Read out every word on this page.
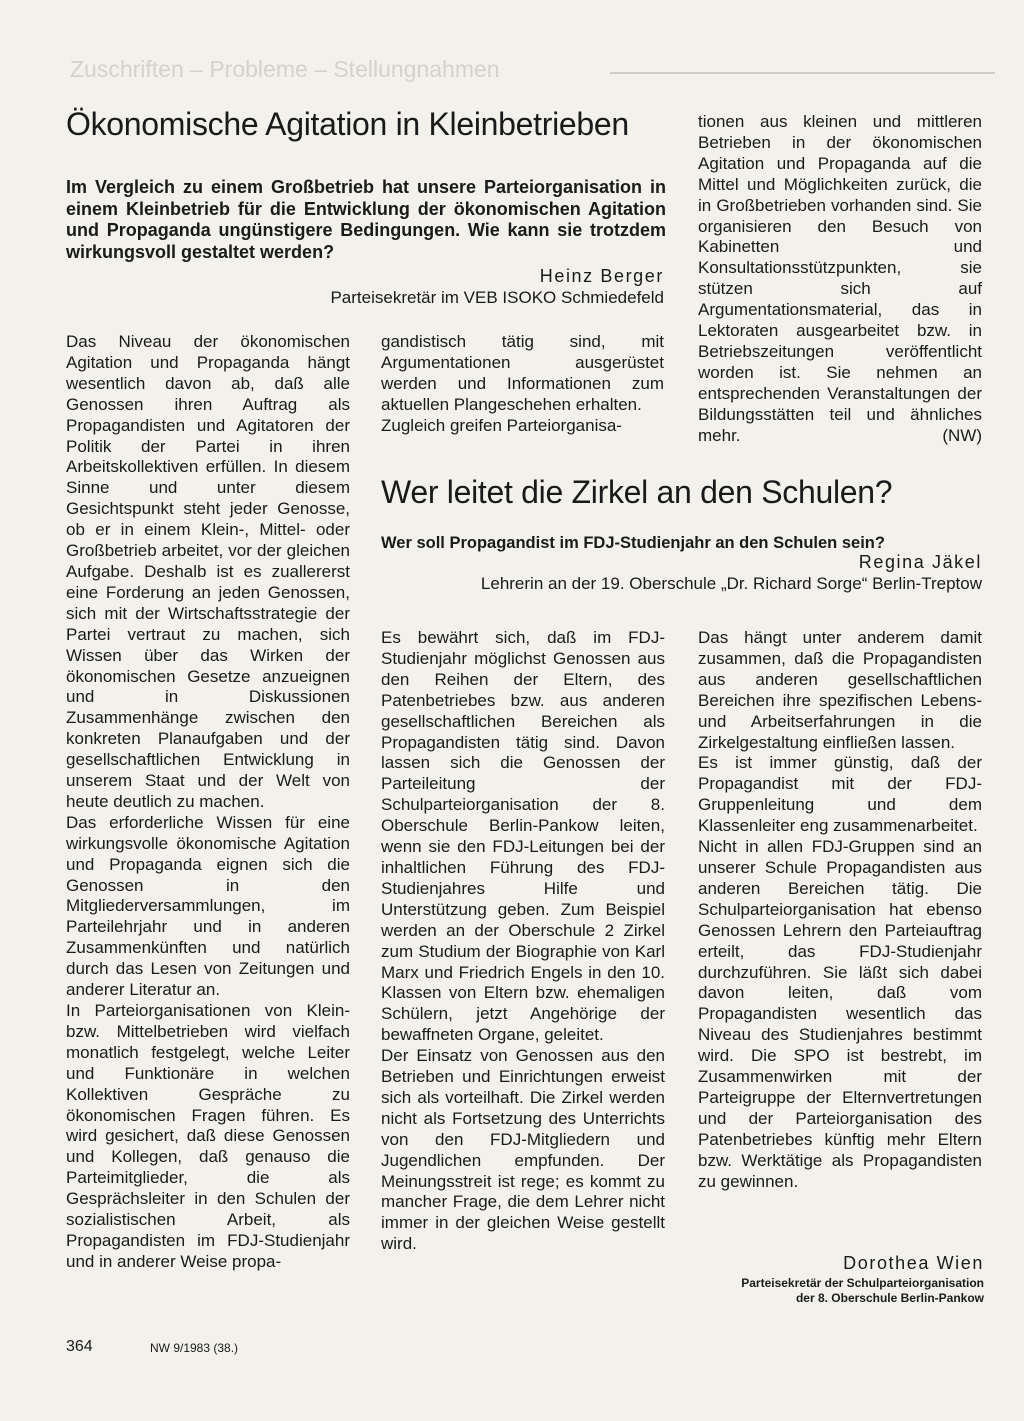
Zuschriften – Probleme – Stellungnahmen
Ökonomische Agitation in Kleinbetrieben

Im Vergleich zu einem Großbetrieb hat unsere Parteiorganisation in einem Kleinbetrieb für die Entwicklung der ökonomischen Agitation und Propaganda ungünstigere Bedingungen. Wie kann sie trotzdem wirkungsvoll gestaltet werden?

Heinz Berger
Parteisekretär im VEB ISOKO Schmiedefeld

Das Niveau der ökonomischen Agitation und Propaganda hängt wesentlich davon ab, daß alle Genossen ihren Auftrag als Propagandisten und Agitatoren der Politik der Partei in ihren Arbeitskollektiven erfüllen. In diesem Sinne und unter diesem Gesichtspunkt steht jeder Genosse, ob er in einem Klein-, Mittel- oder Großbetrieb arbeitet, vor der gleichen Aufgabe. Deshalb ist es zuallererst eine Forderung an jeden Genossen, sich mit der Wirtschaftsstrategie der Partei vertraut zu machen, sich Wissen über das Wirken der ökonomischen Gesetze anzueignen und in Diskussionen Zusammenhänge zwischen den konkreten Planaufgaben und der gesellschaftlichen Entwicklung in unserem Staat und der Welt von heute deutlich zu machen.

Das erforderliche Wissen für eine wirkungsvolle ökonomische Agitation und Propaganda eignen sich die Genossen in den Mitgliederversammlungen, im Parteilehrjahr und in anderen Zusammenkünften und natürlich durch das Lesen von Zeitungen und anderer Literatur an.

In Parteiorganisationen von Klein- bzw. Mittelbetrieben wird vielfach monatlich festgelegt, welche Leiter und Funktionäre in welchen Kollektiven Gespräche zu ökonomischen Fragen führen. Es wird gesichert, daß diese Genossen und Kollegen, daß genauso die Parteimitglieder, die als Gesprächsleiter in den Schulen der sozialistischen Arbeit, als Propagandisten im FDJ-Studienjahr und in anderer Weise propa-

gandistisch tätig sind, mit Argumentationen ausgerüstet werden und Informationen zum aktuellen Plangeschehen erhalten.

Zugleich greifen Parteiorganisa-

tionen aus kleinen und mittleren Betrieben in der ökonomischen Agitation und Propaganda auf die Mittel und Möglichkeiten zurück, die in Großbetrieben vorhanden sind. Sie organisieren den Besuch von Kabinetten und Konsultationsstützpunkten, sie stützen sich auf Argumentationsmaterial, das in Lektoraten ausgearbeitet bzw. in Betriebszeitungen veröffentlicht worden ist. Sie nehmen an entsprechenden Veranstaltungen der Bildungsstätten teil und ähnliches mehr.	(NW)

Wer leitet die Zirkel an den Schulen?
Wer soll Propagandist im FDJ-Studienjahr an den Schulen sein?
Regina Jäkel
Lehrerin an der 19. Oberschule „Dr. Richard Sorge“ Berlin-Treptow

Es bewährt sich, daß im FDJ-Studienjahr möglichst Genossen aus den Reihen der Eltern, des Patenbetriebes bzw. aus anderen gesellschaftlichen Bereichen als Propagandisten tätig sind. Davon lassen sich die Genossen der Parteileitung der Schulparteiorganisation der 8. Oberschule Berlin-Pankow leiten, wenn sie den FDJ-Leitungen bei der inhaltlichen Führung des FDJ-Studienjahres Hilfe und Unterstützung geben. Zum Beispiel werden an der Oberschule 2 Zirkel zum Studium der Biographie von Karl Marx und Friedrich Engels in den 10. Klassen von Eltern bzw. ehemaligen Schülern, jetzt Angehörige der bewaffneten Organe, geleitet.

Der Einsatz von Genossen aus den Betrieben und Einrichtungen erweist sich als vorteilhaft. Die Zirkel werden nicht als Fortsetzung des Unterrichts von den FDJ-Mitgliedern und Jugendlichen empfunden. Der Meinungsstreit ist rege; es kommt zu mancher Frage, die dem Lehrer nicht immer in der gleichen Weise gestellt wird.

Das hängt unter anderem damit zusammen, daß die Propagandisten aus anderen gesellschaftlichen Bereichen ihre spezifischen Lebens- und Arbeitserfahrungen in die Zirkelgestaltung einfließen lassen.

Es ist immer günstig, daß der Propagandist mit der FDJ-Gruppenleitung und dem Klassenleiter eng zusammenarbeitet.

Nicht in allen FDJ-Gruppen sind an unserer Schule Propagandisten aus anderen Bereichen tätig. Die Schulparteiorganisation hat ebenso Genossen Lehrern den Parteiauftrag erteilt, das FDJ-Studienjahr durchzuführen. Sie läßt sich dabei davon leiten, daß vom Propagandisten wesentlich das Niveau des Studienjahres bestimmt wird. Die SPO ist bestrebt, im Zusammenwirken mit der Parteigruppe der Elternvertretungen und der Parteiorganisation des Patenbetriebes künftig mehr Eltern bzw. Werktätige als Propagandisten zu gewinnen.

Dorothea Wien
Parteisekretär der Schulparteiorganisation
der 8. Oberschule Berlin-Pankow
364	NW 9/1983 (38.)
